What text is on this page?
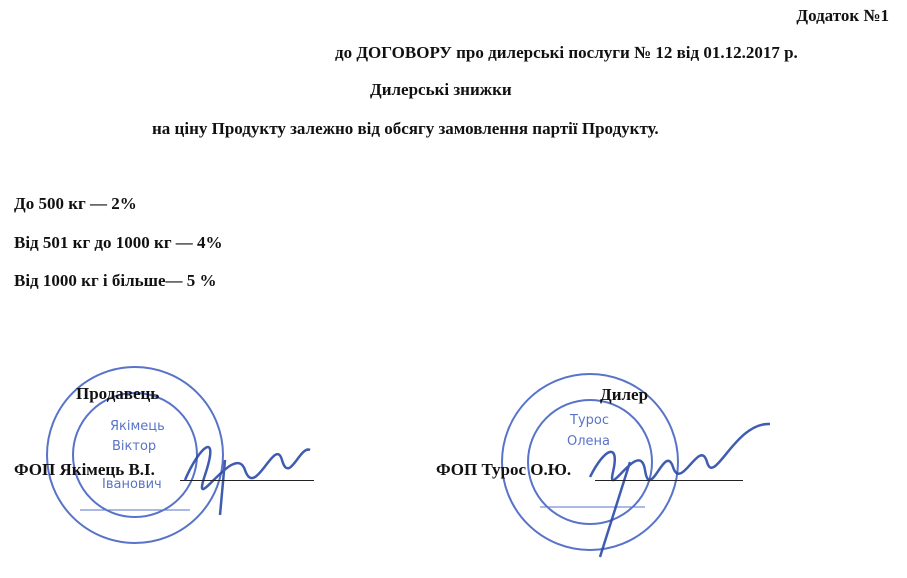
Додаток №1
до ДОГОВОРУ про дилерські послуги № 12 від 01.12.2017 р.
Дилерські знижки
на ціну Продукту залежно від обсягу замовлення партії Продукту.
До 500 кг — 2%
Від 501 кг до 1000 кг — 4%
Від 1000 кг і більше— 5 %
Якімець
Віктор
Іванович
Турос
Олена
Продавець	Дилер
ФОП Якімець В.І.	ФОП Турос О.Ю.
